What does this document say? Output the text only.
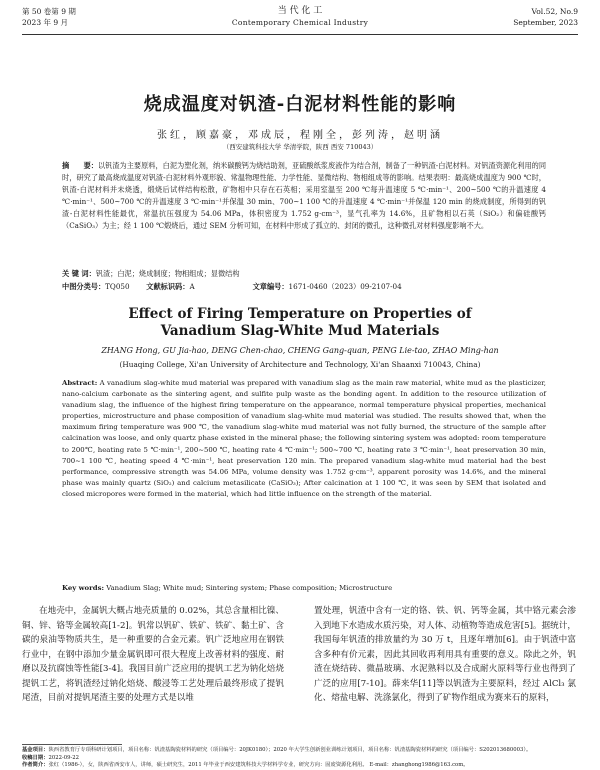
第 50 卷第 9 期
2023 年 9 月
当 代 化 工
Contemporary Chemical Industry
Vol.52, No.9
September, 2023
烧成温度对钒渣-白泥材料性能的影响
张红，顾嘉豪，邓成辰，程刚全，彭列涛，赵明涵
（西安建筑科技大学 华清学院，陕西 西安 710043）
摘　　要：以钒渣为主要原料，白泥为塑化剂，纳米碳酸钙为烧结助剂，亚硫酸纸浆废液作为结合剂，制备了一种钒渣-白泥材料。对钒渣资源化利用的同时，研究了最高烧成温度对钒渣-白泥材料外观形貌、常温物理性能、力学性能、显微结构、物相组成等的影响。结果表明：最高烧成温度为 900 ℃时，钒渣-白泥材料并未烧透，煅烧后试样结构松散，矿物相中只存在石英相；采用室温至 200 ℃每升温速度 5 ℃·min⁻¹、200~500 ℃的升温速度 4 ℃·min⁻¹、500~700 ℃的升温速度 3 ℃·min⁻¹并保温 30 min、700~1 100 ℃的升温速度 4 ℃·min⁻¹并保温 120 min 的烧成制度，所得到的钒渣-白泥材料性能最优，常温抗压强度为 54.06 MPa，体积密度为 1.752 g·cm⁻³，显气孔率为 14.6%，且矿物相以石英（SiO₂）和偏硅酸钙（CaSiO₃）为主；经 1 100 ℃煅烧后，通过 SEM 分析可知，在材料中形成了孤立的、封闭的微孔，这种微孔对材料强度影响不大。
关 键 词：钒渣；白泥；烧成制度；物相组成；显微结构
中图分类号：TQ050 文献标识码：A	文章编号：1671-0460（2023）09-2107-04
Effect of Firing Temperature on Properties of
Vanadium Slag-White Mud Materials
ZHANG Hong, GU Jia-hao, DENG Chen-chao, CHENG Gang-quan, PENG Lie-tao, ZHAO Ming-han
(Huaqing College, Xi'an University of Architecture and Technology, Xi'an Shaanxi 710043, China)
Abstract: A vanadium slag-white mud material was prepared with vanadium slag as the main raw material, white mud as the plasticizer, nano-calcium carbonate as the sintering agent, and sulfite pulp waste as the bonding agent. In addition to the resource utilization of vanadium slag, the influence of the highest firing temperature on the appearance, normal temperature physical properties, mechanical properties, microstructure and phase composition of vanadium slag-white mud material was studied. The results showed that, when the maximum firing temperature was 900 ℃, the vanadium slag-white mud material was not fully burned, the structure of the sample after calcination was loose, and only quartz phase existed in the mineral phase; the following sintering system was adopted: room temperature to 200℃, heating rate 5 ℃·min⁻¹, 200~500 ℃, heating rate 4 ℃·min⁻¹; 500~700 ℃, heating rate 3 ℃·min⁻¹, heat preservation 30 min, 700~1 100 ℃, heating speed 4 ℃·min⁻¹, heat preservation 120 min. The prepared vanadium slag-white mud material had the best performance, compressive strength was 54.06 MPa, volume density was 1.752 g·cm⁻³, apparent porosity was 14.6%, and the mineral phase was mainly quartz (SiO₂) and calcium metasilicate (CaSiO₃); After calcination at 1 100 ℃, it was seen by SEM that isolated and closed micropores were formed in the material, which had little influence on the strength of the material.
Key words: Vanadium Slag; White mud; Sintering system; Phase composition; Microstructure

在地壳中，金属钒大概占地壳质量的 0.02%，其总含量相比镍、铜、锌、铬等金属较高[1-2]。钒常以钒矿、铁矿、铁矿、黏土矿、含碳的泉油等物质共生，是一种重要的合金元素。钒广泛地应用在钢铁行业中，在钢中添加少量金属钒即可很大程度上改善材料的强度、耐磨以及抗腐蚀等性能[3-4]。我国目前广泛应用的提钒工艺为钠化焙烧提钒工艺，将钒渣经过钠化焙烧、酸浸等工艺处理后最终形成了提钒尾渣，目前对提钒尾渣主要的处理方式是以堆

置处理，钒渣中含有一定的铬、铁、钒、钙等金属，其中铬元素会渗入到地下水造成水质污染，对人体、动植物等造成危害[5]。据统计，我国每年钒渣的排放量约为 30 万 t，且逐年增加[6]。由于钒渣中富含多种有价元素，因此其回收再利用具有重要的意义。除此之外，钒渣在烧结砖、微晶玻璃、水泥熟料以及合成耐火原料等行业也得到了广泛的应用[7-10]。薛来华[11]等以钒渣为主要原料，经过 AlCl₃ 氯化、熔盐电解、洗涤氯化，得到了矿物作组成为赛来石的原料，

基金项目：陕西省教育厅专项科研计划项目，项目名称：钒渣基陶瓷材料的研究（项目编号：20JK0180）；2020 年大学生创新创业训练计划项目，项目名称：钒渣基陶瓷材料的研究（项目编号：S202013680003）。
收稿日期：2022-09-22
作者简介：张红（1986-），女，陕西省西安市人，讲师，硕士研究生，2011 年毕业于西安建筑科技大学材料学专业，研究方向：固废资源化利用。 E-mail：zhanghong1986@163.com。
